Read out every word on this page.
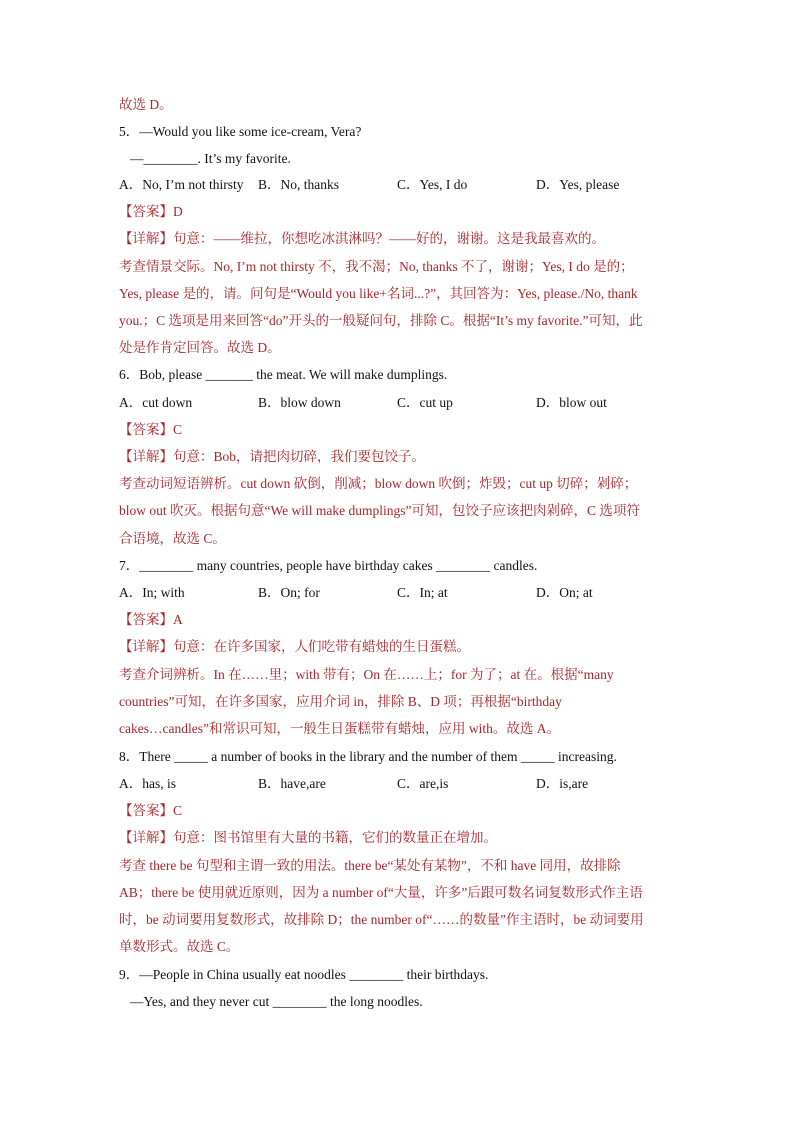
故选 D。
5．—Would you like some ice-cream, Vera?
—________. It’s my favorite.
A．No, I’m not thirsty B．No, thanks	C．Yes, I do	D．Yes, please
【答案】D
【详解】句意：——维拉，你想吃冰淇淋吗？——好的，谢谢。这是我最喜欢的。
考查情景交际。No, I’m not thirsty 不，我不渴；No, thanks 不了，谢谢；Yes, I do 是的；
Yes, please 是的，请。问句是“Would you like+名词...?”，其回答为：Yes, please./No, thank
you.；C 选项是用来回答“do”开头的一般疑问句，排除 C。根据“It’s my favorite.”可知，此
处是作肯定回答。故选 D。
6．Bob, please _______ the meat. We will make dumplings.
A．cut down	B．blow down	C．cut up	D．blow out
【答案】C
【详解】句意：Bob，请把肉切碎，我们要包饺子。
考查动词短语辨析。cut down 砍倒，削减；blow down 吹倒；炸毁；cut up 切碎；剁碎；
blow out 吹灭。根据句意“We will make dumplings”可知，包饺子应该把肉剁碎，C 选项符
合语境，故选 C。
7．________ many countries, people have birthday cakes ________ candles.
A．In; with	B．On; for	C．In; at	D．On; at
【答案】A
【详解】句意：在许多国家，人们吃带有蜡烛的生日蛋糕。
考查介词辨析。In 在……里；with 带有；On 在……上；for 为了；at 在。根据“many
countries”可知，在许多国家，应用介词 in，排除 B、D 项；再根据“birthday
cakes…candles”和常识可知，一般生日蛋糕带有蜡烛，应用 with。故选 A。
8．There _____ a number of books in the library and the number of them _____ increasing.
A．has, is	B．have,are	C．are,is	D．is,are
【答案】C
【详解】句意：图书馆里有大量的书籍，它们的数量正在增加。
考查 there be 句型和主谓一致的用法。there be“某处有某物”，不和 have 同用，故排除
AB；there be 使用就近原则，因为 a number of“大量，许多”后跟可数名词复数形式作主语
时，be 动词要用复数形式，故排除 D；the number of“……的数量”作主语时，be 动词要用
单数形式。故选 C。
9．—People in China usually eat noodles ________ their birthdays.
—Yes, and they never cut ________ the long noodles.
